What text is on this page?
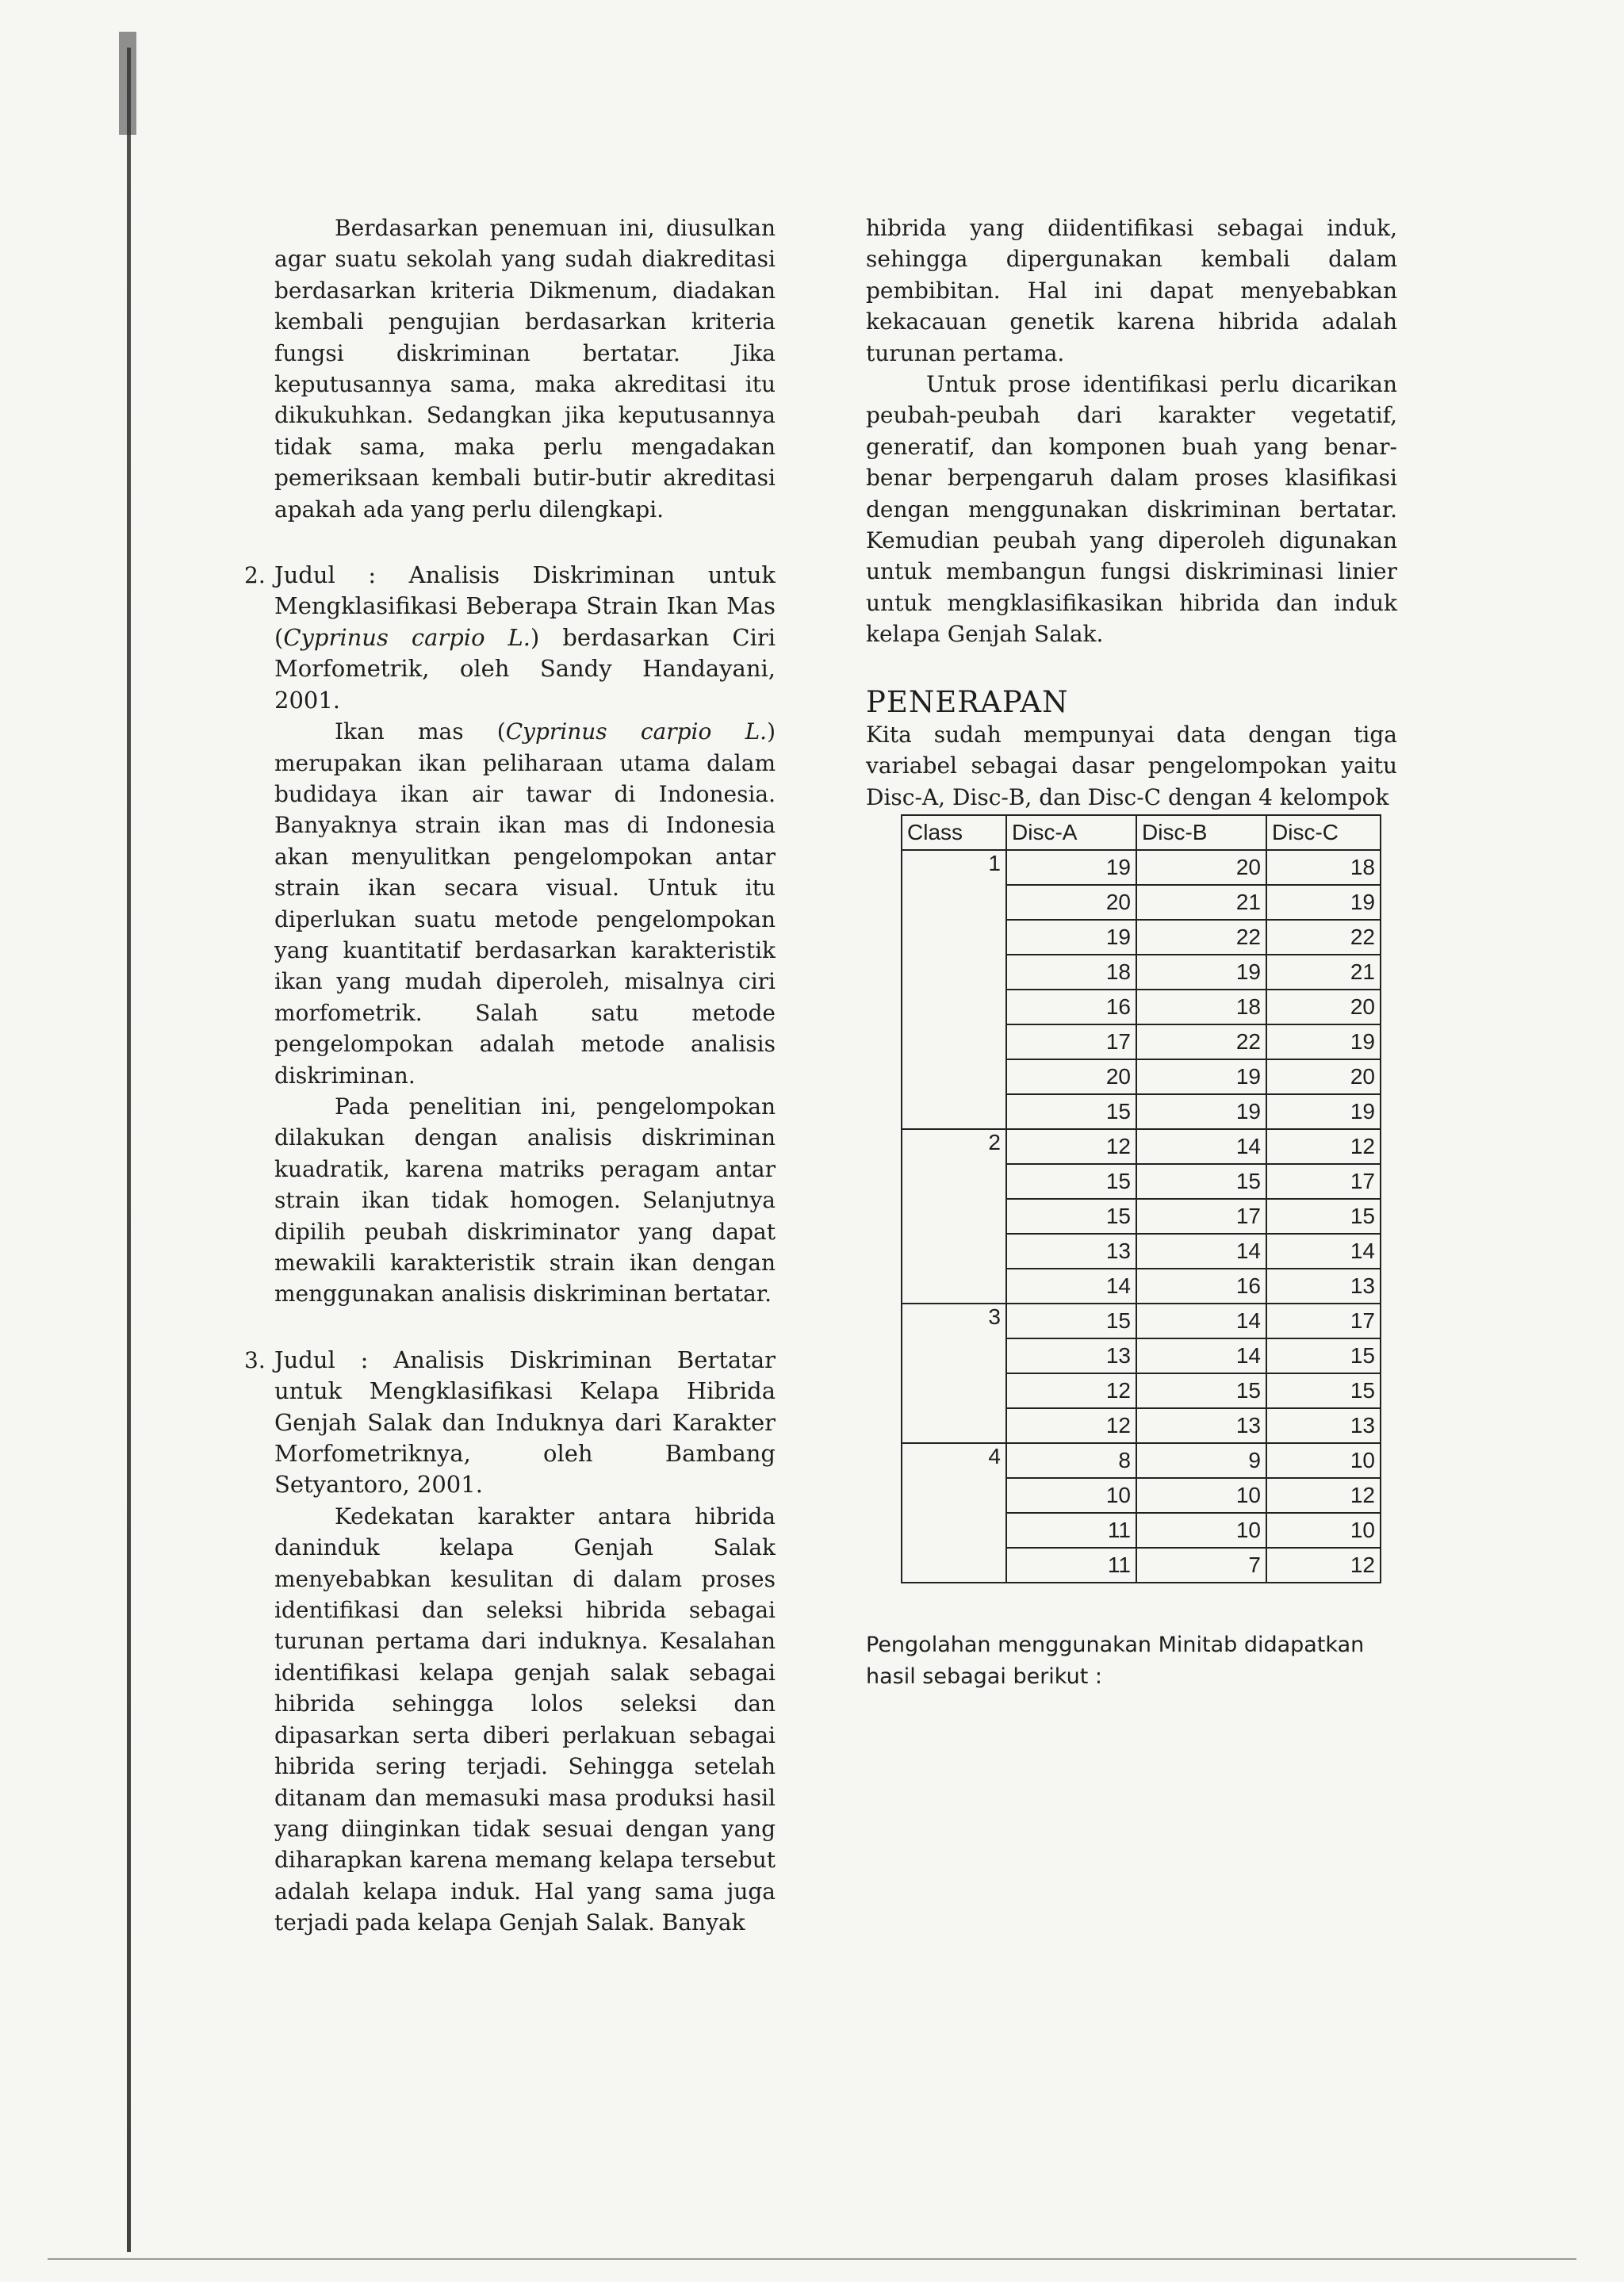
Berdasarkan penemuan ini, diusulkan agar suatu sekolah yang sudah diakreditasi berdasarkan kriteria Dikmenum, diadakan kembali pengujian berdasarkan kriteria fungsi diskriminan bertatar. Jika keputusannya sama, maka akreditasi itu dikukuhkan. Sedangkan jika keputusannya tidak sama, maka perlu mengadakan pemeriksaan kembali butir-butir akreditasi apakah ada yang perlu dilengkapi.

2. Judul : Analisis Diskriminan untuk Mengklasifikasi Beberapa Strain Ikan Mas (Cyprinus carpio L.) berdasarkan Ciri Morfometrik, oleh Sandy Handayani, 2001.

Ikan mas (Cyprinus carpio L.) merupakan ikan peliharaan utama dalam budidaya ikan air tawar di Indonesia. Banyaknya strain ikan mas di Indonesia akan menyulitkan pengelompokan antar strain ikan secara visual. Untuk itu diperlukan suatu metode pengelompokan yang kuantitatif berdasarkan karakteristik ikan yang mudah diperoleh, misalnya ciri morfometrik. Salah satu metode pengelompokan adalah metode analisis diskriminan.

Pada penelitian ini, pengelompokan dilakukan dengan analisis diskriminan kuadratik, karena matriks peragam antar strain ikan tidak homogen. Selanjutnya dipilih peubah diskriminator yang dapat mewakili karakteristik strain ikan dengan menggunakan analisis diskriminan bertatar.

3. Judul : Analisis Diskriminan Bertatar untuk Mengklasifikasi Kelapa Hibrida Genjah Salak dan Induknya dari Karakter Morfometriknya, oleh Bambang Setyantoro, 2001.

Kedekatan karakter antara hibrida daninduk kelapa Genjah Salak menyebabkan kesulitan di dalam proses identifikasi dan seleksi hibrida sebagai turunan pertama dari induknya. Kesalahan identifikasi kelapa genjah salak sebagai hibrida sehingga lolos seleksi dan dipasarkan serta diberi perlakuan sebagai hibrida sering terjadi. Sehingga setelah ditanam dan memasuki masa produksi hasil yang diinginkan tidak sesuai dengan yang diharapkan karena memang kelapa tersebut adalah kelapa induk. Hal yang sama juga terjadi pada kelapa Genjah Salak. Banyak

hibrida yang diidentifikasi sebagai induk, sehingga dipergunakan kembali dalam pembibitan. Hal ini dapat menyebabkan kekacauan genetik karena hibrida adalah turunan pertama.

Untuk prose identifikasi perlu dicarikan peubah-peubah dari karakter vegetatif, generatif, dan komponen buah yang benar-benar berpengaruh dalam proses klasifikasi dengan menggunakan diskriminan bertatar. Kemudian peubah yang diperoleh digunakan untuk membangun fungsi diskriminasi linier untuk mengklasifikasikan hibrida dan induk kelapa Genjah Salak.

PENERAPAN

Kita sudah mempunyai data dengan tiga variabel sebagai dasar pengelompokan yaitu Disc-A, Disc-B, dan Disc-C dengan 4 kelompok

Class	Disc-A	Disc-B	Disc-C
1	19	20	18
	20	21	19
	19	22	22
	18	19	21
	16	18	20
	17	22	19
	20	19	20
	15	19	19
2	12	14	12
	15	15	17
	15	17	15
	13	14	14
	14	16	13
3	15	14	17
	13	14	15
	12	15	15
	12	13	13
4	8	9	10
	10	10	12
	11	10	10
	11	7	12

Pengolahan menggunakan Minitab didapatkan hasil sebagai berikut :
